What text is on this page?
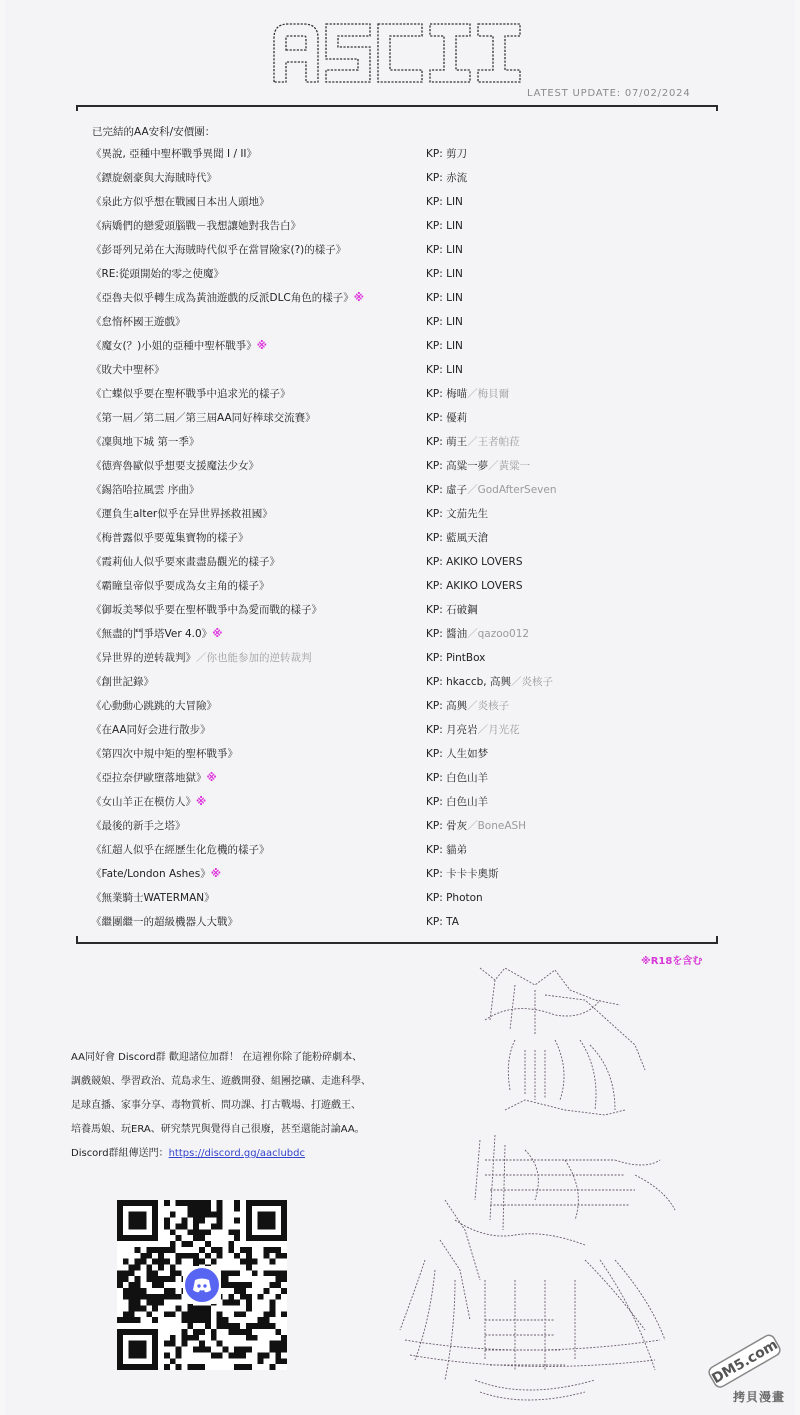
LATEST UPDATE: 07/02/2024
已完結的AA安科/安價團：
《異說, 亞種中聖杯戰爭異聞 I / II》	KP: 剪刀
《鏢旋劍豪與大海賊時代》	KP: 赤流
《泉此方似乎想在戰國日本出人頭地》	KP: LIN
《病嬌們的戀愛頭腦戰－我想讓她對我告白》	KP: LIN
《彭哥列兄弟在大海賊時代似乎在當冒險家(?)的樣子》	KP: LIN
《RE:從頭開始的零之使魔》	KP: LIN
《亞魯夫似乎轉生成為黃油遊戲的反派DLC角色的樣子》※	KP: LIN
《怠惰杯國王遊戲》	KP: LIN
《魔女(？)小姐的亞種中聖杯戰爭》※	KP: LIN
《敗犬中聖杯》	KP: LIN
《亡蝶似乎要在聖杯戰爭中追求光的樣子》	KP: 梅喵／梅貝爾
《第一屆／第二屆／第三屆AA同好棒球交流賽》	KP: 優莉
《凜與地下城 第一季》	KP: 萌王／王者帕菈
《德齊魯歐似乎想要支援魔法少女》	KP: 高粱一夢／黃粱一
《錫箔哈拉風雲 序曲》	KP: 虛子／GodAfterSeven
《運負生alter似乎在异世界拯救祖國》	KP: 文茄先生
《梅普露似乎要蒐集寶物的樣子》	KP: 藍風天滄
《霞莉仙人似乎要來畫盡島觀光的樣子》	KP: AKIKO LOVERS
《霸瞳皇帝似乎要成為女主角的樣子》	KP: AKIKO LOVERS
《御坂美琴似乎要在聖杯戰爭中為愛而戰的樣子》	KP: 石破鋼
《無盡的鬥爭塔Ver 4.0》※	KP: 醬油／qazoo012
《异世界的逆转裁判》／你也能参加的逆转裁判	KP: PintBox
《創世記錄》	KP: hkaccb, 高興／炎核子
《心動動心跳跳的大冒險》	KP: 高興／炎核子
《在AA同好会进行散步》	KP: 月亮岩／月光花
《第四次中規中矩的聖杯戰爭》	KP: 人生如梦
《亞拉奈伊歐墮落地獄》※	KP: 白色山羊
《女山羊正在模仿人》※	KP: 白色山羊
《最後的新手之塔》	KP: 骨灰／BoneASH
《紅超人似乎在經歷生化危機的樣子》	KP: 貓弟
《Fate/London Ashes》※	KP: 卡卡卡奧斯
《無業騎士WATERMAN》	KP: Photon
《繼團繼一的超級機器人大戰》	KP: TA
※R18を含む

AA同好會 Discord群 歡迎諸位加群！ 在這裡你除了能粉碎劇本、

調戲競娘、學習政治、荒島求生、遊戲開發、組團挖礦、走進科學、

足球直播、家事分享、毒物賞析、問功課、打古戰場、打遊戲王、

培養馬娘、玩ERA、研究禁咒與覺得自己很廢，甚至還能討論AA。

Discord群組傳送門：https://discord.gg/aaclubdc

DM5.com
拷貝漫畫
